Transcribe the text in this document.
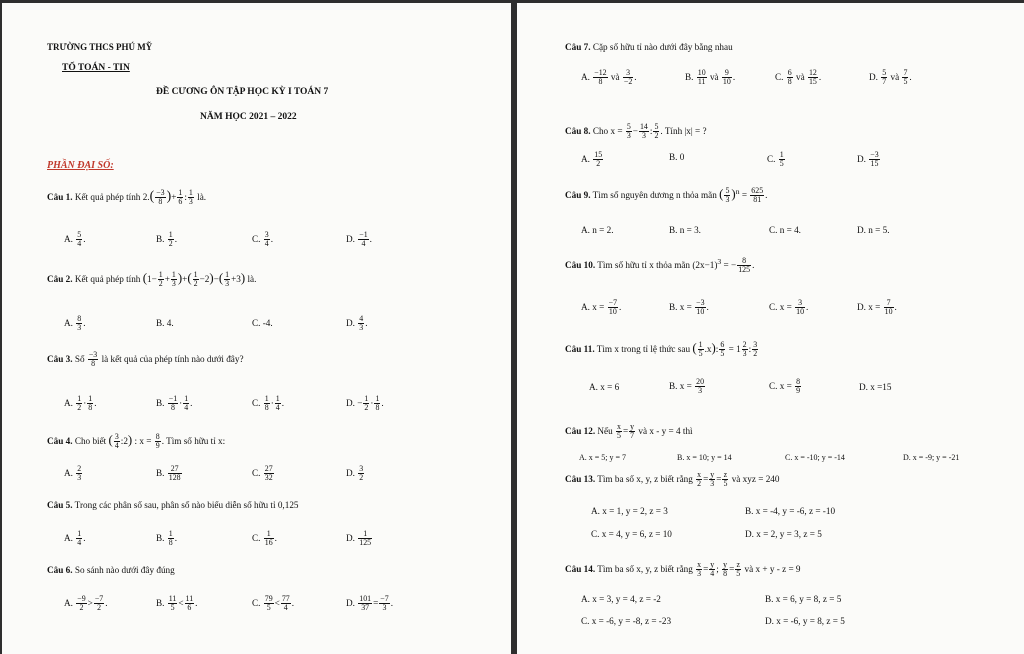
TRƯỜNG THCS PHÚ MỸ
TỔ TOÁN - TIN
ĐỀ CƯƠNG ÔN TẬP HỌC KỲ I TOÁN 7
NĂM HỌC 2021 – 2022
PHẦN ĐẠI SỐ:
Câu 1. Kết quả phép tính $2.( \frac{-3}{8}$ )+ $\frac{1}{6}$ : $\frac{1}{3}$ là.
A. $\frac{5}{4}$ .	B. $\frac{1}{2}$ .	C. $\frac{3}{4}$ .	D. $\frac{-1}{4}$ .
Câu 2. Kết quả phép tính ($1- \frac{1}{2} + \frac{1}{3}$ )+( $\frac{1}{2} -2)-( \frac{1}{3} +3)$ là.
A. $\frac{8}{3}$ .	B. 4.	C. -4.	D. $\frac{4}{3}$ .
Câu 3. Số $\frac{-3}{8}$ là kết quả của phép tính nào dưới đây?
A. $\frac{1}{2} \cdot \frac{1}{8}$ .	B. $\frac{-1}{8} \cdot \frac{1}{4}$ .	C. $\frac{1}{8} \cdot \frac{1}{4}$ .	D. − $\frac{1}{2} \cdot \frac{1}{8}$ .
Câu 4. Cho biết ( $\frac{3}{4}$ :2) : $x = \frac{8}{9}$ . Tìm số hữu tỉ x:
A. $\frac{2}{3}$	B. $\frac{27}{128}$	C. $\frac{27}{32}$	D. $\frac{3}{2}$
Câu 5. Trong các phân số sau, phân số nào biểu diễn số hữu tỉ 0,125
A. $\frac{1}{4}$ .	B. $\frac{1}{8}$ .	C. $\frac{1}{16}$ .	D. $\frac{1}{125}$
Câu 6. So sánh nào dưới đây đúng
A. $\frac{-9}{2} > \frac{-7}{2}$ .	B. $\frac{11}{5} < \frac{11}{6}$ .	C. $\frac{79}{5} < \frac{77}{4}$ .	D. $\frac{101}{37} = \frac{-7}{3}$ .
Câu 7. Cặp số hữu tỉ nào dưới đây bằng nhau
A. $\frac{-12}{8}$ và $\frac{3}{-2}$ .	B. $\frac{10}{11}$ và $\frac{9}{10}$ .	C. $\frac{6}{8}$ và $\frac{12}{15}$ .	D. $\frac{5}{7}$ và $\frac{7}{5}$ .
Câu 8. Cho $x = \frac{5}{3} - \frac{14}{3}$ : $\frac{5}{2}$ . Tính |x| = ?
A. $\frac{15}{2}$	B. 0	C. $\frac{1}{5}$	D. $\frac{-3}{15}$
Câu 9. Tìm số nguyên dương n thỏa mãn ( $\frac{5}{3} )^n = \frac{625}{81}$ .
A. n = 2.	B. n = 3.	C. n = 4.	D. n = 5.
Câu 10. Tìm số hữu tỉ x thỏa mãn $(2x-1)^3$ = − $\frac{8}{125}$ .
A. $x = \frac{-7}{10}$ .	B. $x = \frac{-3}{10}$ .	C. $x = \frac{3}{10}$ .	D. $x = \frac{7}{10}$ .
Câu 11. Tìm x trong tỉ lệ thức sau ( $\frac{1}{5} .x$): $\frac{6}{5} = 1 \frac{2}{3}$ : $\frac{3}{2}$
A. x = 6	B. $x = \frac{20}{3}$	C. $x = \frac{8}{9}$	D. x =15
Câu 12. Nếu $\frac{x}{5} = \frac{y}{7}$ và x - y = 4 thì
A. x = 5; y = 7	B. x = 10; y = 14	C. x = -10; y = -14	D. x = -9; y = -21
Câu 13. Tìm ba số x, y, z biết rằng $\frac{x}{2} = \frac{y}{3} = \frac{z}{5}$ và xyz = 240
A. x = 1, y = 2, z = 3	B. x = -4, y = -6, z = -10
C. x = 4, y = 6, z = 10	D. x = 2, y = 3, z = 5
Câu 14. Tìm ba số x, y, z biết rằng $\frac{x}{3} = \frac{y}{4}$ ; $\frac{y}{8} = \frac{z}{5}$ và x + y - z = 9
A. x = 3, y = 4, z = -2	B. x = 6, y = 8, z = 5
C. x = -6, y = -8, z = -23	D. x = -6, y = 8, z = 5
